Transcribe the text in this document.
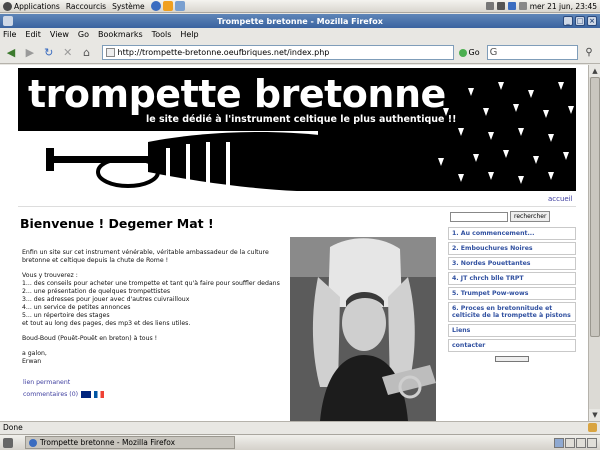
Applications Raccourcis Système	mer 21 jun, 23:45
Trompette bretonne - Mozilla Firefox	_ □ ×
File Edit View Go Bookmarks Tools Help
◀ ▶ ↻ ✕ ⌂	http://trompette-bretonne.oeufbriques.net/index.php	Go G	⚲
trompette bretonne
le site dédié à l'instrument celtique le plus authentique !!
accueil
Bienvenue ! Degemer Mat !

Enfin un site sur cet instrument vénérable, véritable ambassadeur de la culture bretonne et celtique depuis la chute de Rome !

Vous y trouverez :
1... des conseils pour acheter une trompette et tant qu'à faire pour souffler dedans
2... une présentation de quelques trompettistes
3... des adresses pour jouer avec d'autres cuivrailloux
4... un service de petites annonces
5... un répertoire des stages

et tout au long des pages, des mp3 et des liens utiles.

Boud-Boud (Pouêt-Pouêt en breton) à tous !

a galon,
Erwan
lien permanent
commentaires (0)
rechercher
1. Au commencement...
2. Embouchures Noires
3. Nordes Pouettantes
4. JT chrch blle TRPT
5. Trumpet Pow-wows
6. Proces en bretonnitude et celticite de la trompette à pistons
Liens
contacter
▲
▼
Done
Trompette bretonne - Mozilla Firefox
